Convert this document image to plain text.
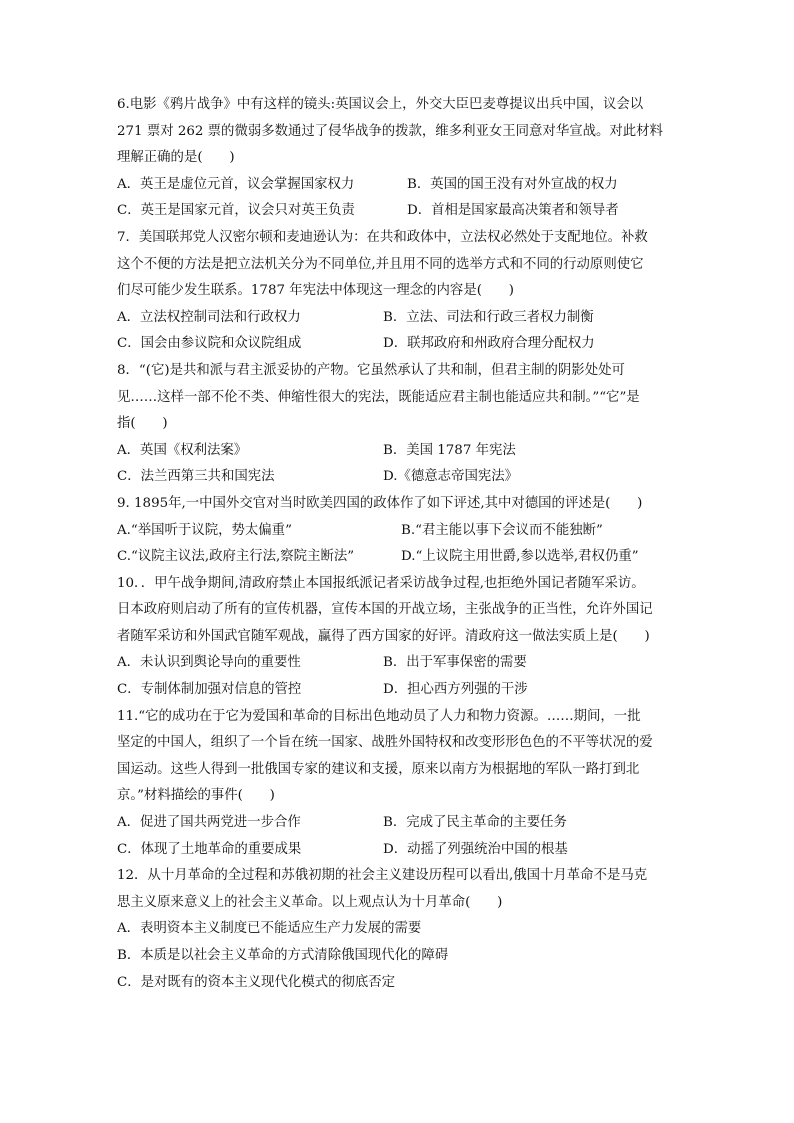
6.电影《鸦片战争》中有这样的镜头:英国议会上，外交大臣巴麦尊提议出兵中国，议会以
271 票对 262 票的微弱多数通过了侵华战争的拨款，维多利亚女王同意对华宣战。对此材料
理解正确的是(　　)
A．英王是虚位元首，议会掌握国家权力	B．英国的国王没有对外宣战的权力
C．英王是国家元首，议会只对英王负责	D．首相是国家最高决策者和领导者
7．美国联邦党人汉密尔顿和麦迪逊认为：在共和政体中，立法权必然处于支配地位。补救
这个不便的方法是把立法机关分为不同单位,并且用不同的选举方式和不同的行动原则使它
们尽可能少发生联系。1787 年宪法中体现这一理念的内容是(　　)
A．立法权控制司法和行政权力	B．立法、司法和行政三者权力制衡
C．国会由参议院和众议院组成	D．联邦政府和州政府合理分配权力
8．“(它)是共和派与君主派妥协的产物。它虽然承认了共和制，但君主制的阴影处处可
见……这样一部不伦不类、伸缩性很大的宪法，既能适应君主制也能适应共和制。”“它”是
指(　　)
A．英国《权利法案》	B．美国 1787 年宪法
C．法兰西第三共和国宪法	D.《德意志帝国宪法》
9. 1895年,一中国外交官对当时欧美四国的政体作了如下评述,其中对德国的评述是(　　)
A.“举国听于议院，势太偏重”	B.“君主能以事下会议而不能独断”
C.“议院主议法,政府主行法,察院主断法”	D.“上议院主用世爵,参以选举,君权仍重”
10．．甲午战争期间,清政府禁止本国报纸派记者采访战争过程,也拒绝外国记者随军采访。
日本政府则启动了所有的宣传机器，宣传本国的开战立场，主张战争的正当性，允许外国记
者随军采访和外国武官随军观战，赢得了西方国家的好评。清政府这一做法实质上是(　　)
A．未认识到舆论导向的重要性	B．出于军事保密的需要
C．专制体制加强对信息的管控	D．担心西方列强的干涉
11.“它的成功在于它为爱国和革命的目标出色地动员了人力和物力资源。……期间，一批
坚定的中国人，组织了一个旨在统一国家、战胜外国特权和改变形形色色的不平等状况的爱
国运动。这些人得到一批俄国专家的建议和支援，原来以南方为根据地的军队一路打到北
京。”材料描绘的事件(　　)
A．促进了国共两党进一步合作	B．完成了民主革命的主要任务
C．体现了土地革命的重要成果	D．动摇了列强统治中国的根基
12．从十月革命的全过程和苏俄初期的社会主义建设历程可以看出,俄国十月革命不是马克
思主义原来意义上的社会主义革命。以上观点认为十月革命(　　)
A．表明资本主义制度已不能适应生产力发展的需要
B．本质是以社会主义革命的方式清除俄国现代化的障碍
C．是对既有的资本主义现代化模式的彻底否定
